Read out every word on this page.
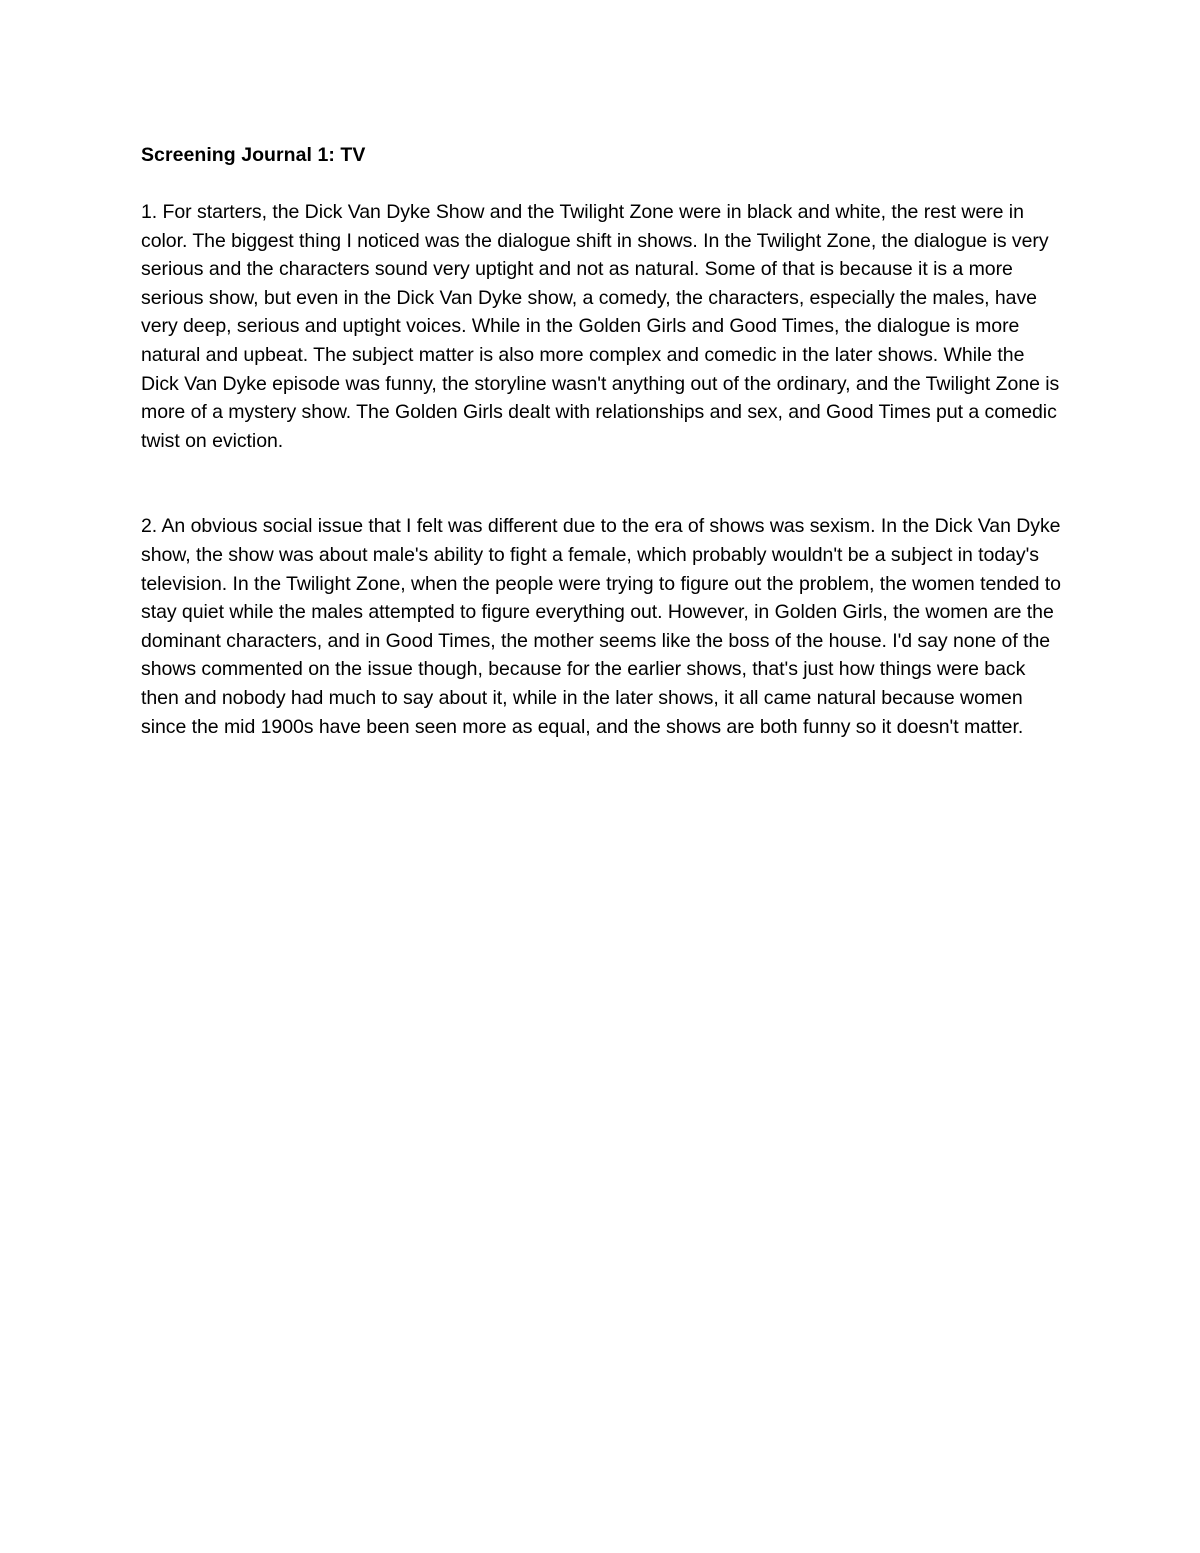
Screening Journal 1: TV

1. For starters, the Dick Van Dyke Show and the Twilight Zone were in black and white, the rest were in color. The biggest thing I noticed was the dialogue shift in shows. In the Twilight Zone, the dialogue is very serious and the characters sound very uptight and not as natural. Some of that is because it is a more serious show, but even in the Dick Van Dyke show, a comedy, the characters, especially the males, have very deep, serious and uptight voices. While in the Golden Girls and Good Times, the dialogue is more natural and upbeat. The subject matter is also more complex and comedic in the later shows. While the Dick Van Dyke episode was funny, the storyline wasn't anything out of the ordinary, and the Twilight Zone is more of a mystery show. The Golden Girls dealt with relationships and sex, and Good Times put a comedic twist on eviction.

2. An obvious social issue that I felt was different due to the era of shows was sexism. In the Dick Van Dyke show, the show was about male's ability to fight a female, which probably wouldn't be a subject in today's television. In the Twilight Zone, when the people were trying to figure out the problem, the women tended to stay quiet while the males attempted to figure everything out. However, in Golden Girls, the women are the dominant characters, and in Good Times, the mother seems like the boss of the house. I'd say none of the shows commented on the issue though, because for the earlier shows, that's just how things were back then and nobody had much to say about it, while in the later shows, it all came natural because women since the mid 1900s have been seen more as equal, and the shows are both funny so it doesn't matter.
